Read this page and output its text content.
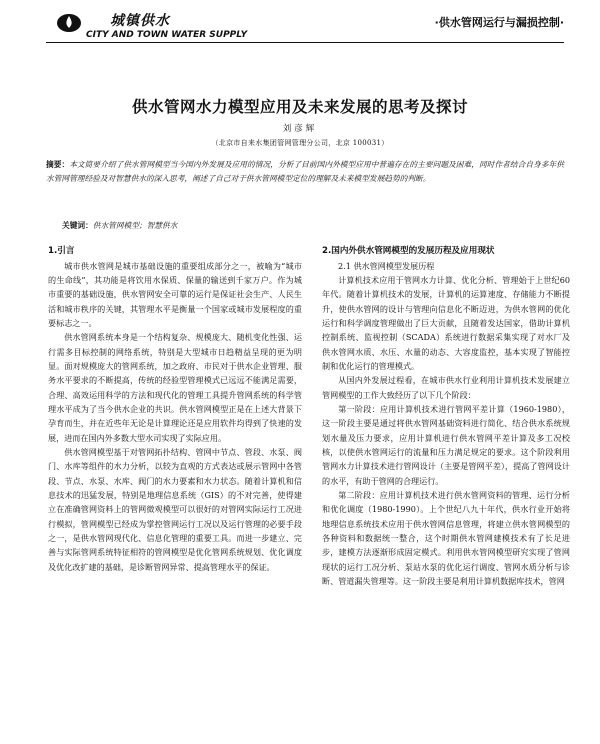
城镇供水
CITY AND TOWN WATER SUPPLY
·供水管网运行与漏损控制·
供水管网水力模型应用及未来发展的思考及探讨
刘彦辉
（北京市自来水集团管网管理分公司，北京 100031）
摘要：本文简要介绍了供水管网模型当今国内外发展及应用的情况，分析了目前国内外模型应用中普遍存在的主要问题及困难，同时作者结合自身多年供水管网管理经验及对智慧供水的深入思考，阐述了自己对于供水管网模型定位的理解及未来模型发展趋势的判断。
关键词：供水管网模型；智慧供水
1.引言

城市供水管网是城市基础设施的重要组成部分之一，被喻为“城市的生命线”，其功能是将饮用水保质、保量的输送到千家万户。作为城市重要的基础设施，供水管网安全可靠的运行是保证社会生产、人民生活和城市秩序的关键，其管理水平是衡量一个国家或城市发展程度的重要标志之一。

供水管网系统本身是一个结构复杂、规模庞大、随机变化性强、运行需多目标控制的网络系统，特别是大型城市日趋精益呈现的更为明显。面对规模庞大的管网系统，加之政府、市民对于供水企业管理、服务水平要求的不断提高，传统的经验型管理模式已远远不能满足需要，合理、高效运用科学的方法和现代化的管理工具提升管网系统的科学管理水平成为了当今供水企业的共识。供水管网模型正是在上述大背景下孕育而生，并在近些年无论是计算理论还是应用软件均得到了快速的发展，进而在国内外多数大型水司实现了实际应用。

供水管网模型基于对管网拓扑结构、管网中节点、管段、水泵、阀门、水库等组件的水力分析，以较为直观的方式表达或展示管网中各管段、节点、水泵、水库、阀门的水力要素和水力状态。随着计算机和信息技术的迅猛发展，特别是地理信息系统（GIS）的不对完善，使得建立在准确管网资料上的管网微观模型可以很好的对管网实际运行工况进行模拟，管网模型已经成为掌控管网运行工况以及运行管理的必要手段之一，是供水管网现代化、信息化管理的重要工具。而进一步建立、完善与实际管网系统特征相符的管网模型是优化管网系统规划、优化调度及优化改扩建的基础，是诊断管网异常、提高管理水平的保证。

2.国内外供水管网模型的发展历程及应用现状
2.1 供水管网模型发展历程

计算机技术应用于管网水力计算、优化分析、管理始于上世纪60年代。随着计算机技术的发展，计算机的运算速度、存储能力不断提升，使供水管网的设计与管理向信息化不断迈进，为供水管网的优化运行和科学调度管理做出了巨大贡献，且随着发达国家，借助计算机控制系统、监视控制（SCADA）系统进行数据采集实现了对水厂及供水管网水质、水压、水量的动态、大容度监控，基本实现了智能控制和优化运行的管理模式。

从国内外发展过程看，在城市供水行业利用计算机技术发展建立管网模型的工作大致经历了以下几个阶段：

第一阶段：应用计算机技术进行管网平差计算（1960-1980），这一阶段主要是通过将供水管网基础资料进行简化、结合供水系统规划水量及压力要求，应用计算机进行供水管网平差计算及多工况校核，以使供水管网运行的流量和压力满足规定的要求。这个阶段利用管网水力计算技术进行管网设计（主要是管网平差），提高了管网设计的水平，有助于管网的合理运行。

第二阶段：应用计算机技术进行供水管网资料的管理、运行分析和优化调度（1980-1990）。上个世纪八九十年代，供水行业开始将地理信息系统技术应用于供水管网信息管理，将建立供水管网模型的各种资料和数据统一整合，这个时期供水管网建模技术有了长足进步，建模方法逐渐形成固定模式。利用供水管网模型研究实现了管网现状的运行工况分析、泵站水泵的优化运行调度、管网水质分析与诊断、管道漏失管理等。这一阶段主要是利用计算机数据库技术，管网
